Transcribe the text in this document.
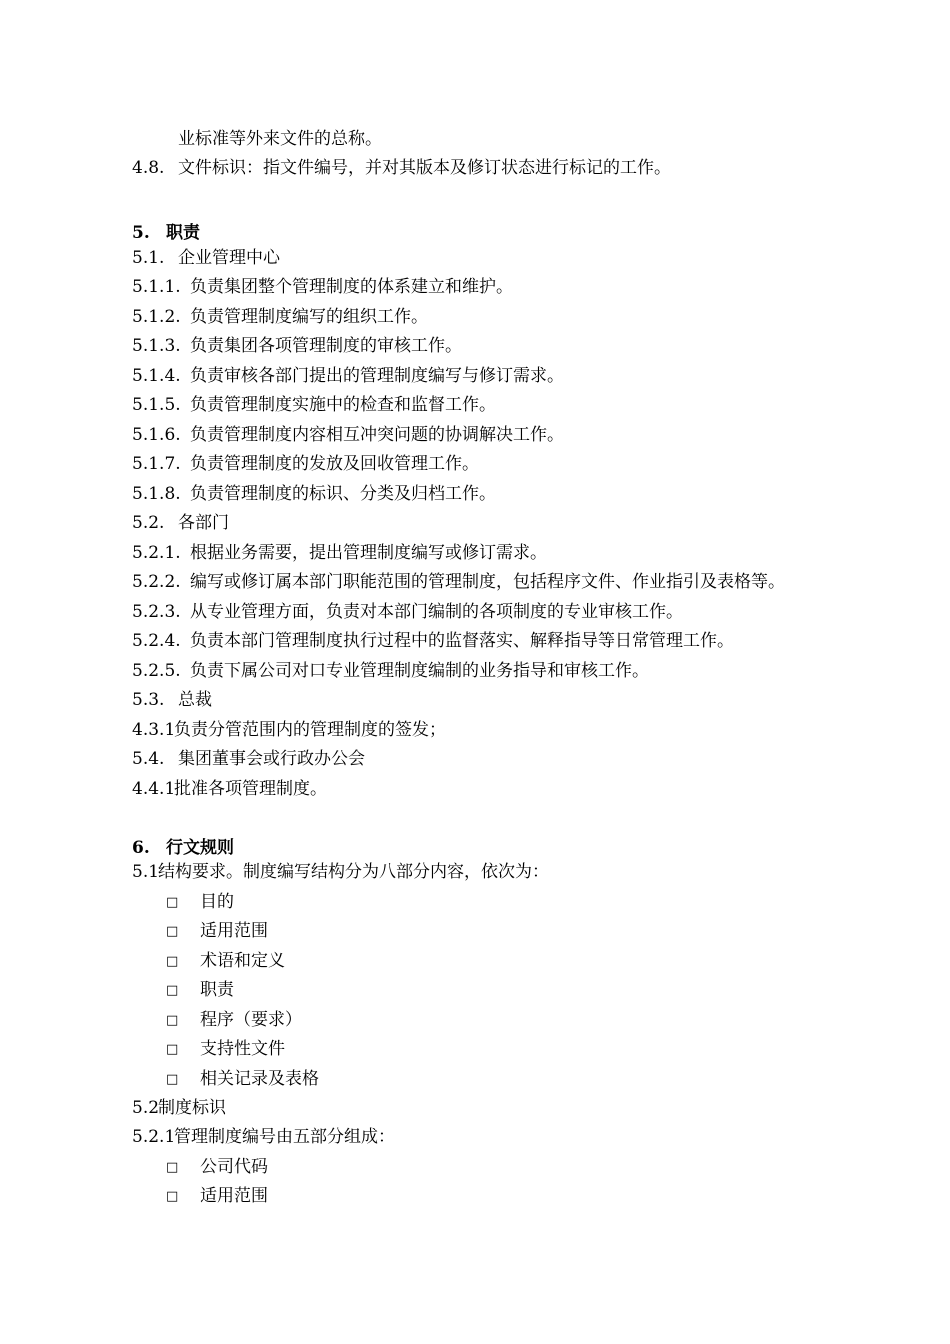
业标准等外来文件的总称。
4.8. 文件标识：指文件编号，并对其版本及修订状态进行标记的工作。
5. 职责
5.1. 企业管理中心
5.1.1. 负责集团整个管理制度的体系建立和维护。
5.1.2. 负责管理制度编写的组织工作。
5.1.3. 负责集团各项管理制度的审核工作。
5.1.4. 负责审核各部门提出的管理制度编写与修订需求。
5.1.5. 负责管理制度实施中的检查和监督工作。
5.1.6. 负责管理制度内容相互冲突问题的协调解决工作。
5.1.7. 负责管理制度的发放及回收管理工作。
5.1.8. 负责管理制度的标识、分类及归档工作。
5.2. 各部门
5.2.1. 根据业务需要，提出管理制度编写或修订需求。
5.2.2. 编写或修订属本部门职能范围的管理制度，包括程序文件、作业指引及表格等。
5.2.3. 从专业管理方面，负责对本部门编制的各项制度的专业审核工作。
5.2.4. 负责本部门管理制度执行过程中的监督落实、解释指导等日常管理工作。
5.2.5. 负责下属公司对口专业管理制度编制的业务指导和审核工作。
5.3. 总裁
4.3.1负责分管范围内的管理制度的签发；
5.4. 集团董事会或行政办公会
4.4.1批准各项管理制度。
6. 行文规则
5.1结构要求。制度编写结构分为八部分内容，依次为：
□ 目的
□ 适用范围
□ 术语和定义
□ 职责
□ 程序（要求）
□ 支持性文件
□ 相关记录及表格
5.2制度标识
5.2.1管理制度编号由五部分组成：
□ 公司代码
□ 适用范围
